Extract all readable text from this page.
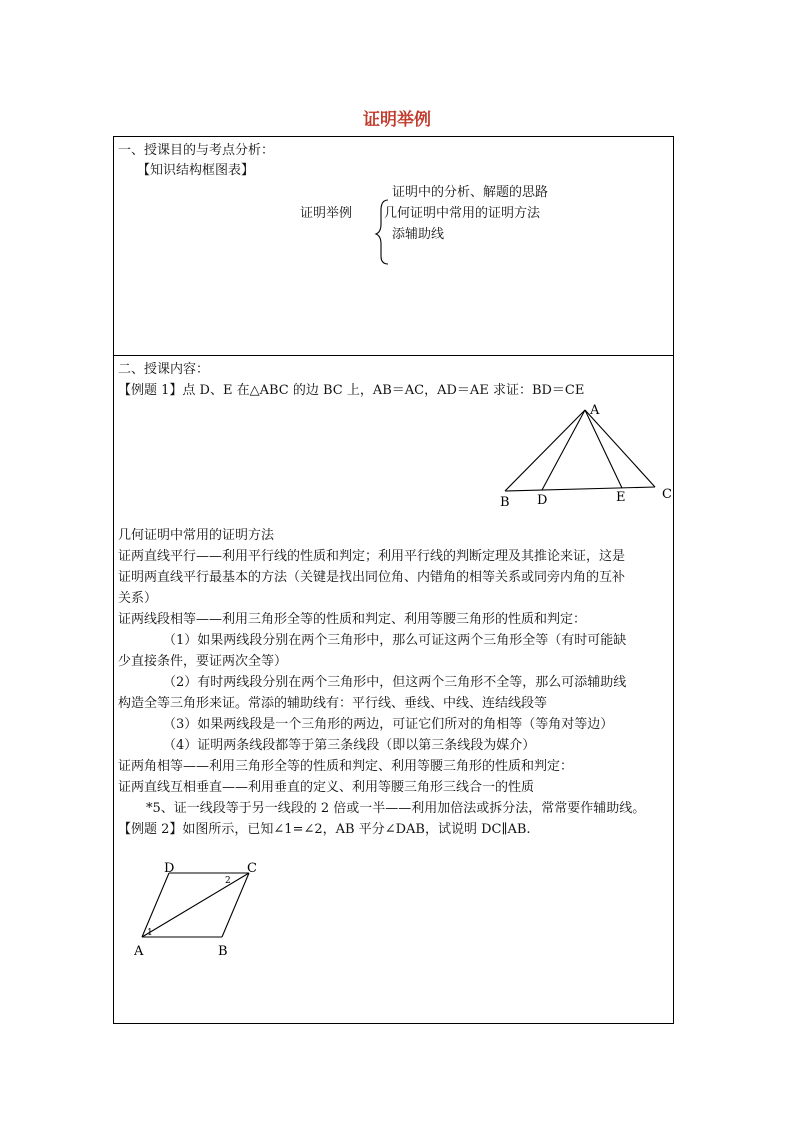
证明举例
一、授课目的与考点分析：
【知识结构框图表】
证明举例
证明中的分析、解题的思路
几何证明中常用的证明方法
添辅助线
二、授课内容：
【例题 1】点 D、E 在△ABC 的边 BC 上，AB＝AC，AD＝AE 求证：BD＝CE
A
B D	E	C
几何证明中常用的证明方法
证两直线平行——利用平行线的性质和判定；利用平行线的判断定理及其推论来证，这是
证明两直线平行最基本的方法（关键是找出同位角、内错角的相等关系或同旁内角的互补
关系）
证两线段相等——利用三角形全等的性质和判定、利用等腰三角形的性质和判定：
（1）如果两线段分别在两个三角形中，那么可证这两个三角形全等（有时可能缺
少直接条件，要证两次全等）
（2）有时两线段分别在两个三角形中，但这两个三角形不全等，那么可添辅助线
构造全等三角形来证。常添的辅助线有：平行线、垂线、中线、连结线段等
（3）如果两线段是一个三角形的两边，可证它们所对的角相等（等角对等边）
（4）证明两条线段都等于第三条线段（即以第三条线段为媒介）
证两角相等——利用三角形全等的性质和判定、利用等腰三角形的性质和判定：
证两直线互相垂直——利用垂直的定义、利用等腰三角形三线合一的性质
*5、证一线段等于另一线段的 2 倍或一半——利用加倍法或拆分法，常常要作辅助线。
【例题 2】如图所示，已知∠1=∠2，AB 平分∠DAB，试说明 DC∥AB.
D	C
A	B
2
1
